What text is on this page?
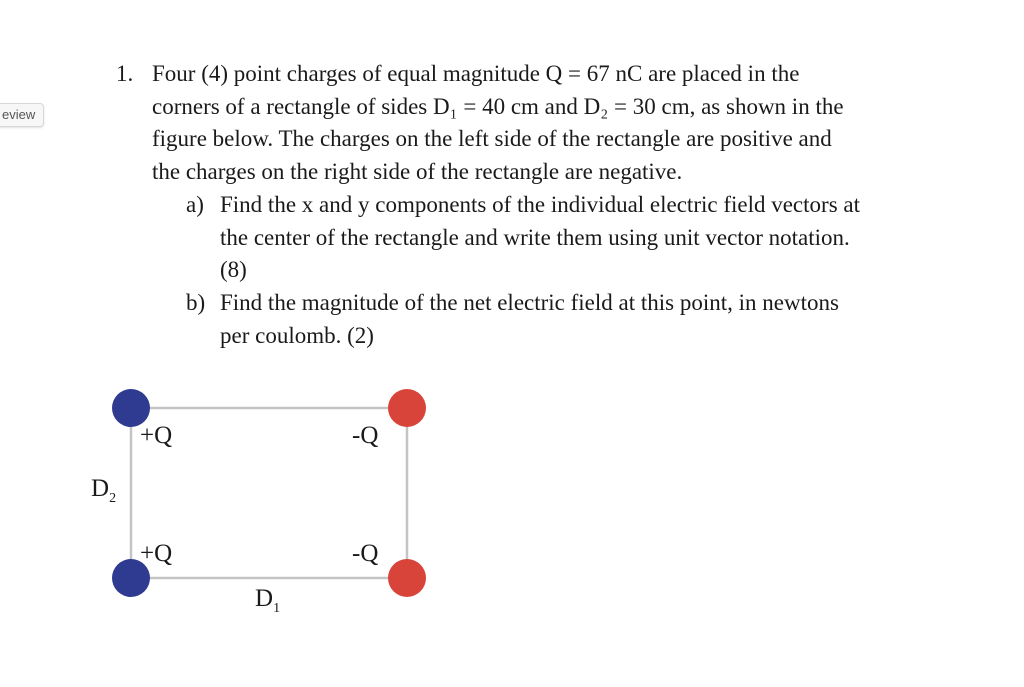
eview
1. Four (4) point charges of equal magnitude Q = 67 nC are placed in the
corners of a rectangle of sides D₁ = 40 cm and D₂ = 30 cm, as shown in the
figure below. The charges on the left side of the rectangle are positive and
the charges on the right side of the rectangle are negative.
a) Find the x and y components of the individual electric field vectors at
the center of the rectangle and write them using unit vector notation.
(8)
b) Find the magnitude of the net electric field at this point, in newtons
per coulomb. (2)
+Q
+Q
-Q
-Q
$D_2$
$D_1$
